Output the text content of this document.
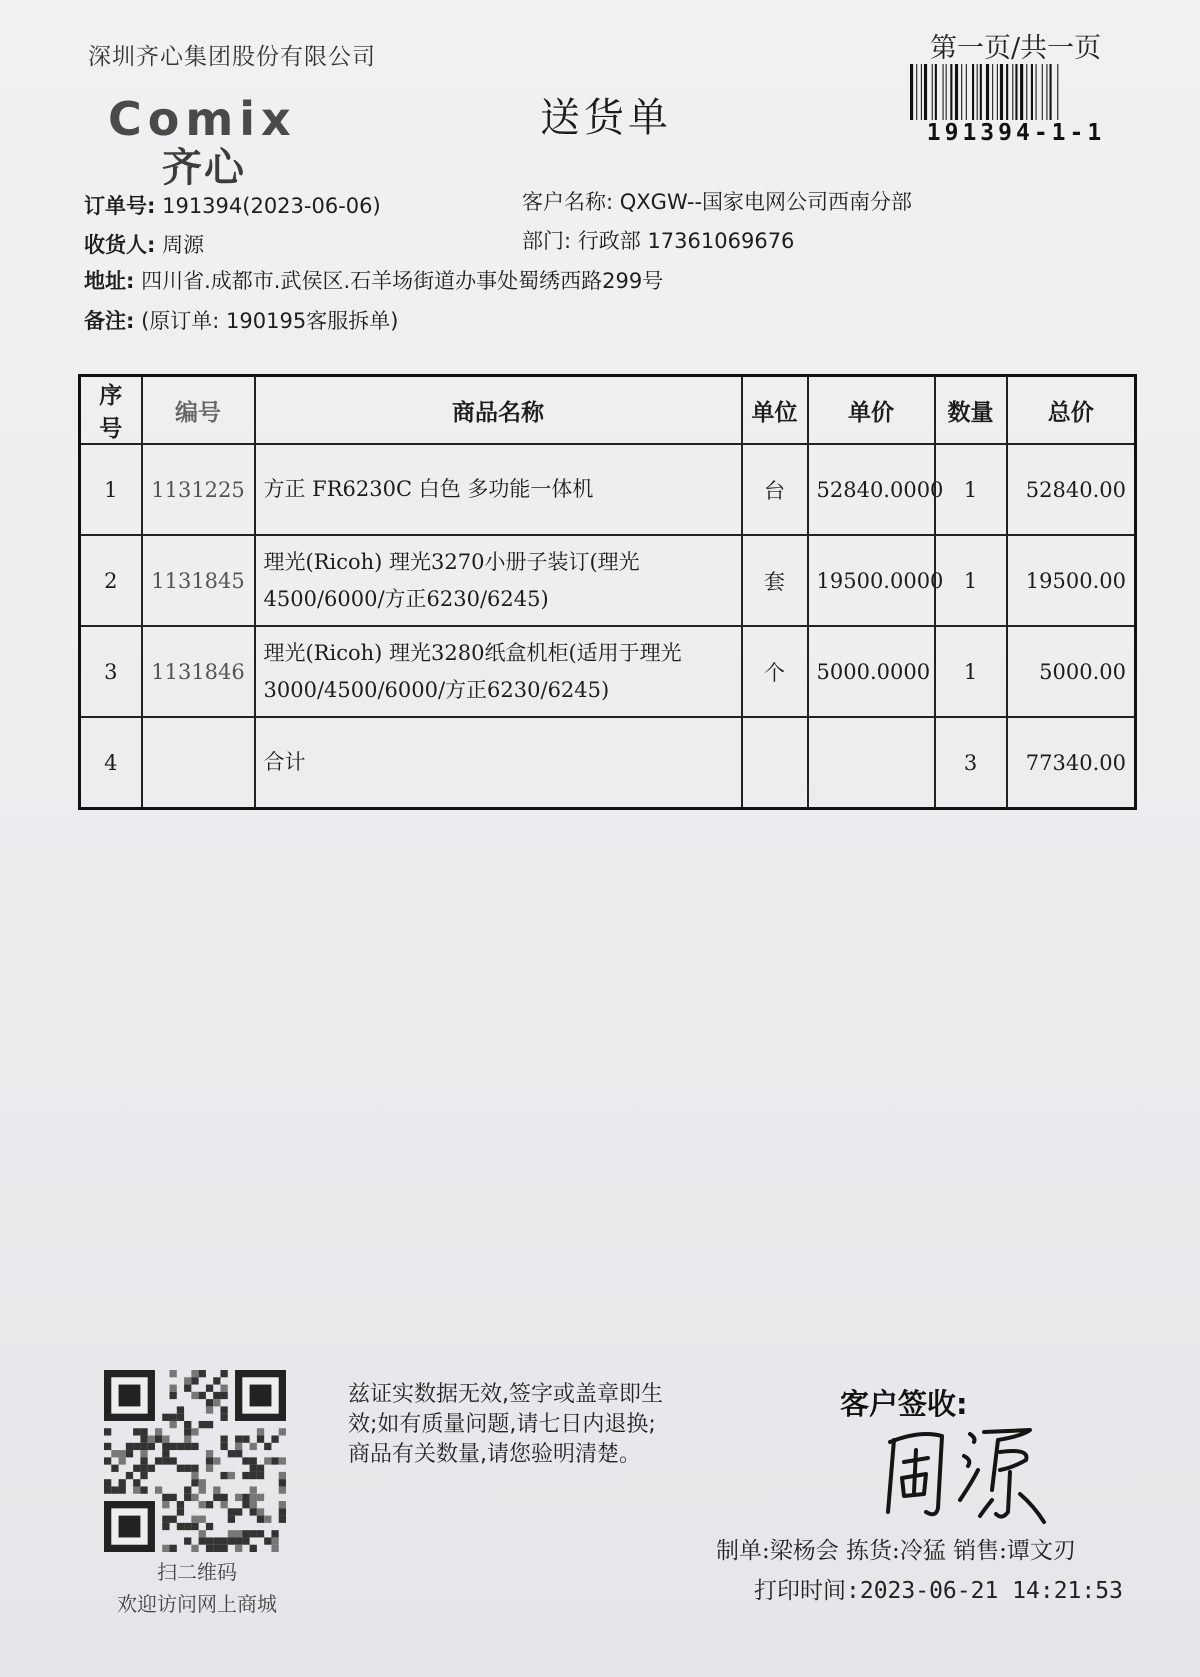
深圳齐心集团股份有限公司	第一页/共一页
191394-1-1
Comix
齐心
送货单
订单号: 191394(2023-06-06)	客户名称: QXGW--国家电网公司西南分部
收货人: 周源	部门: 行政部 17361069676
地址: 四川省.成都市.武侯区.石羊场街道办事处蜀绣西路299号
备注: (原订单: 190195客服拆单)
序号	编号	商品名称	单位	单价	数量	总价
1	1131225	方正 FR6230C 白色 多功能一体机	台	52840.0000	1	52840.00
2	1131845	理光(Ricoh) 理光3270小册子装订(理光4500/6000/方正6230/6245)	套	19500.0000	1	19500.00
3	1131846	理光(Ricoh) 理光3280纸盒机柜(适用于理光3000/4500/6000/方正6230/6245)	个	5000.0000	1	5000.00
4		合计			3	77340.00
扫二维码
欢迎访问网上商城
兹证实数据无效,签字或盖章即生
效;如有质量问题,请七日内退换;
商品有关数量,请您验明清楚。
客户签收:
制单:梁杨会 拣货:冷猛 销售:谭文刃
打印时间:2023-06-21 14:21:53
